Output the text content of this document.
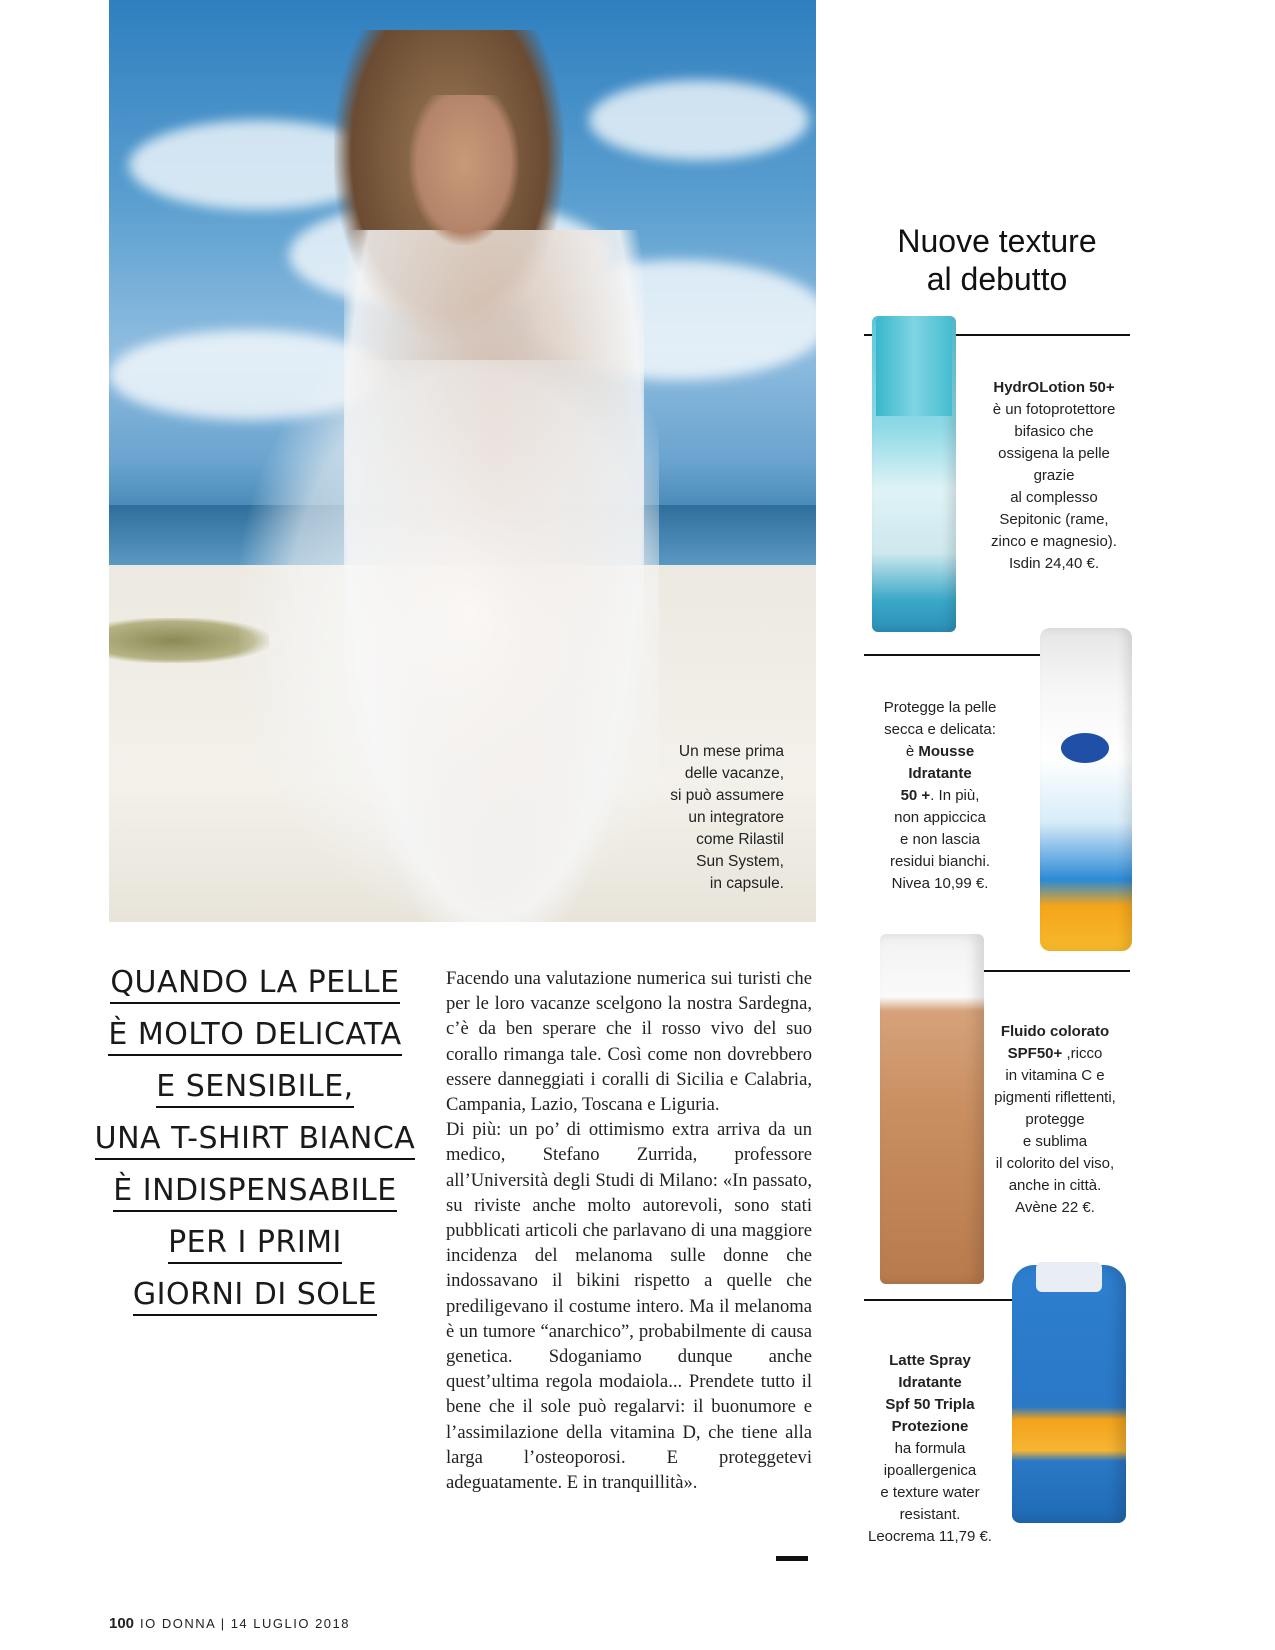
Un mese prima
delle vacanze,
si può assumere
un integratore
come Rilastil
Sun System,
in capsule.
QUANDO LA PELLE
È MOLTO DELICATA
E SENSIBILE,
UNA T-SHIRT BIANCA
È INDISPENSABILE
PER I PRIMI
GIORNI DI SOLE

Facendo una valutazione numerica sui turisti che per le loro vacanze scelgono la nostra Sardegna, c’è da ben sperare che il rosso vivo del suo corallo rimanga tale. Così come non dovrebbero essere danneggiati i coralli di Sicilia e Calabria, Campania, Lazio, Toscana e Liguria.

Di più: un po’ di ottimismo extra arriva da un medico, Stefano Zurrida, professore all’Università degli Studi di Milano: «In passato, su riviste anche molto autorevoli, sono stati pubblicati articoli che parlavano di una maggiore incidenza del melanoma sulle donne che indossavano il bikini rispetto a quelle che prediligevano il costume intero. Ma il melanoma è un tumore “anarchico”, probabilmente di causa genetica. Sdoganiamo dunque anche quest’ultima regola modaiola... Prendete tutto il bene che il sole può regalarvi: il buonumore e l’assimilazione della vitamina D, che tiene alla larga l’osteoporosi. E proteggetevi adeguatamente. E in tranquillità».

100 IO DONNA | 14 LUGLIO 2018
Nuove texture
al debutto
HydrOLotion 50+
è un fotoprotettore
bifasico che
ossigena la pelle
grazie
al complesso
Sepitonic (rame,
zinco e magnesio).
Isdin 24,40 €.
Protegge la pelle
secca e delicata:
è Mousse
Idratante
50 +. In più,
non appiccica
e non lascia
residui bianchi.
Nivea 10,99 €.
Fluido colorato
SPF50+ ,ricco
in vitamina C e
pigmenti riflettenti,
protegge
e sublima
il colorito del viso,
anche in città.
Avène 22 €.
Latte Spray
Idratante
Spf 50 Tripla
Protezione
ha formula
ipoallergenica
e texture water
resistant.
Leocrema 11,79 €.
